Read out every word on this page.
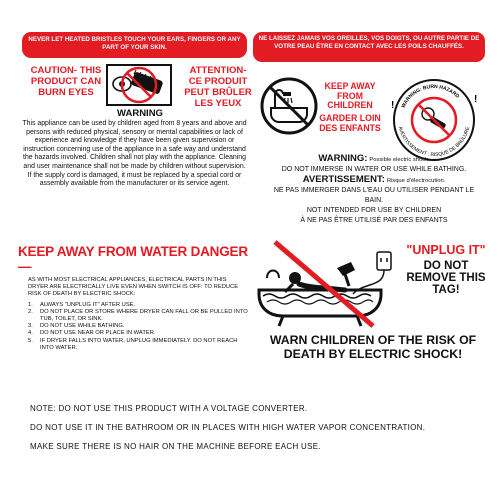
NEVER LET HEATED BRISTLES TOUCH YOUR EARS, FINGERS OR ANY PART OF YOUR SKIN.
CAUTION- THIS PRODUCT CAN BURN EYES
ATTENTION- CE PRODUIT PEUT BRÛLER LES YEUX
WARNING
This appliance can be used by children aged from 8 years and above and persons with reduced physical, sensory or mental capabilities or lack of experience and knowledge if they have been given supervision or instruction concerning use of the appliance in a safe way and understand the hazards involved. Children shall not play with the appliance. Cleaning and user maintenance shall not be made by children without supervision. If the supply cord is damaged, it must be replaced by a special cord or assembly available from the manufacturer or its service agent.
NE LAISSEZ JAMAIS VOS OREILLES, VOS DOIGTS, OU AUTRE PARTIE DE VOTRE PEAU ÊTRE EN CONTACT AVEC LES POILS CHAUFFÉS.
KEEP AWAY FROM CHILDREN
GARDER LOIN DES ENFANTS
WARNING: BURN HAZARD
AVERTISSEMENT : RISQUE DE BRÛLURE
!
!
WARNING: Possible electric shock.
DO NOT IMMERSE IN WATER OR USE WHILE BATHING.
AVERTISSEMENT: Risque d'électrocution.
NE PAS IMMERGER DANS L'EAU OU UTILISER PENDANT LE BAIN.
NOT INTENDED FOR USE BY CHILDREN
À NE PAS ÊTRE UTILISÉ PAR DES ENFANTS
KEEP AWAY FROM WATER DANGER—
AS WITH MOST ELECTRICAL APPLIANCES, ELECTRICAL PARTS IN THIS DRYER ARE ELECTRICALLY LIVE EVEN WHEN SWITCH IS OFF: TO REDUCE RISK OF DEATH BY ELECTRIC SHOCK:
1.	ALWAYS "UNPLUG IT" AFTER USE.
2.	DO NOT PLACE OR STORE WHERE DRYER CAN FALL OR BE PULLED INTO TUB, TOILET, OR SINK.
3.	DO NOT USE WHILE BATHING.
4.	DO NOT USE NEAR OR PLACE IN WATER.
5.	IF DRYER FALLS INTO WATER, UNPLUG IMMEDIATELY. DO NOT REACH INTO WATER.
"UNPLUG IT"
DO NOT REMOVE THIS TAG!
WARN CHILDREN OF THE RISK OF DEATH BY ELECTRIC SHOCK!

NOTE: DO NOT USE THIS PRODUCT WITH A VOLTAGE CONVERTER.

DO NOT USE IT IN THE BATHROOM OR IN PLACES WITH HIGH WATER VAPOR CONCENTRATION.

MAKE SURE THERE IS NO HAIR ON THE MACHINE BEFORE EACH USE.
